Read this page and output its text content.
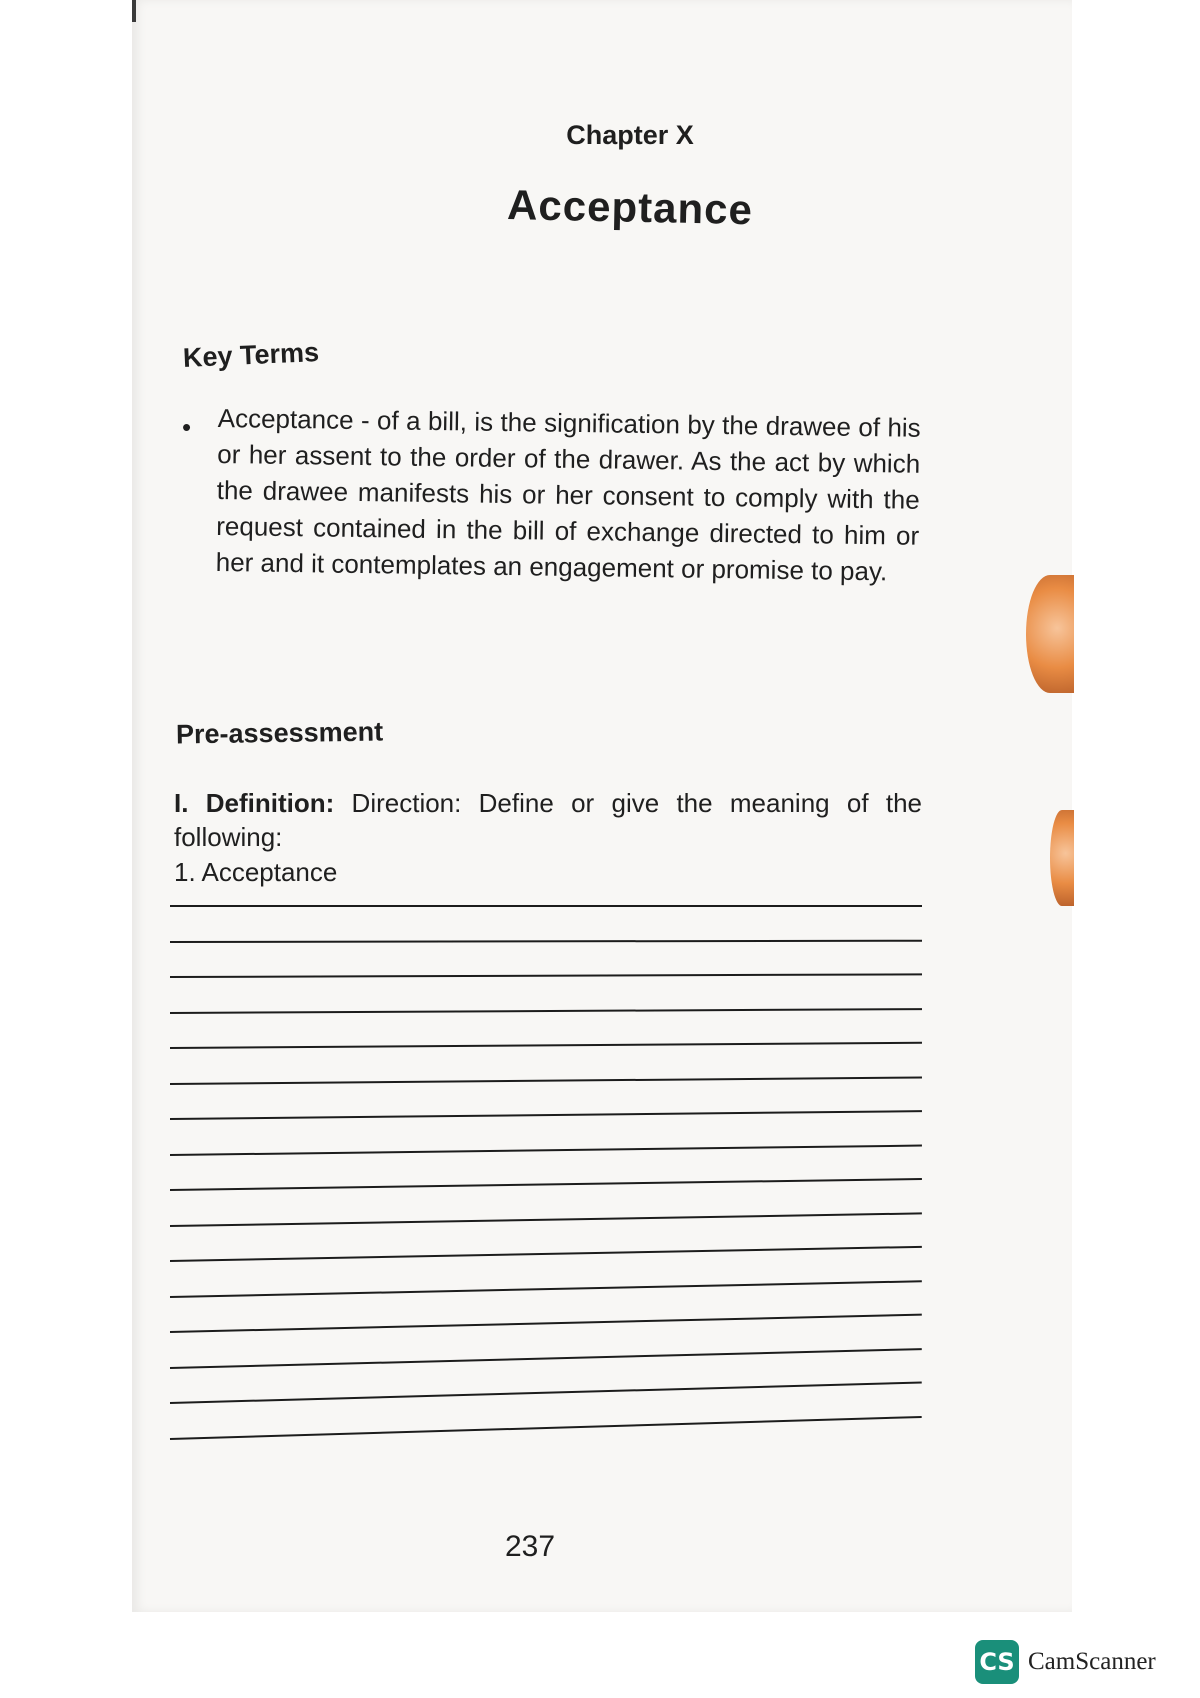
Chapter X
Acceptance
Key Terms
• Acceptance - of a bill, is the signification by the drawee of his or her assent to the order of the drawer. As the act by which the drawee manifests his or her consent to comply with the request contained in the bill of exchange directed to him or her and it contemplates an engagement or promise to pay.
Pre-assessment
I. Definition: Direction: Define or give the meaning of the following:
1. Acceptance
237
CS CamScanner
